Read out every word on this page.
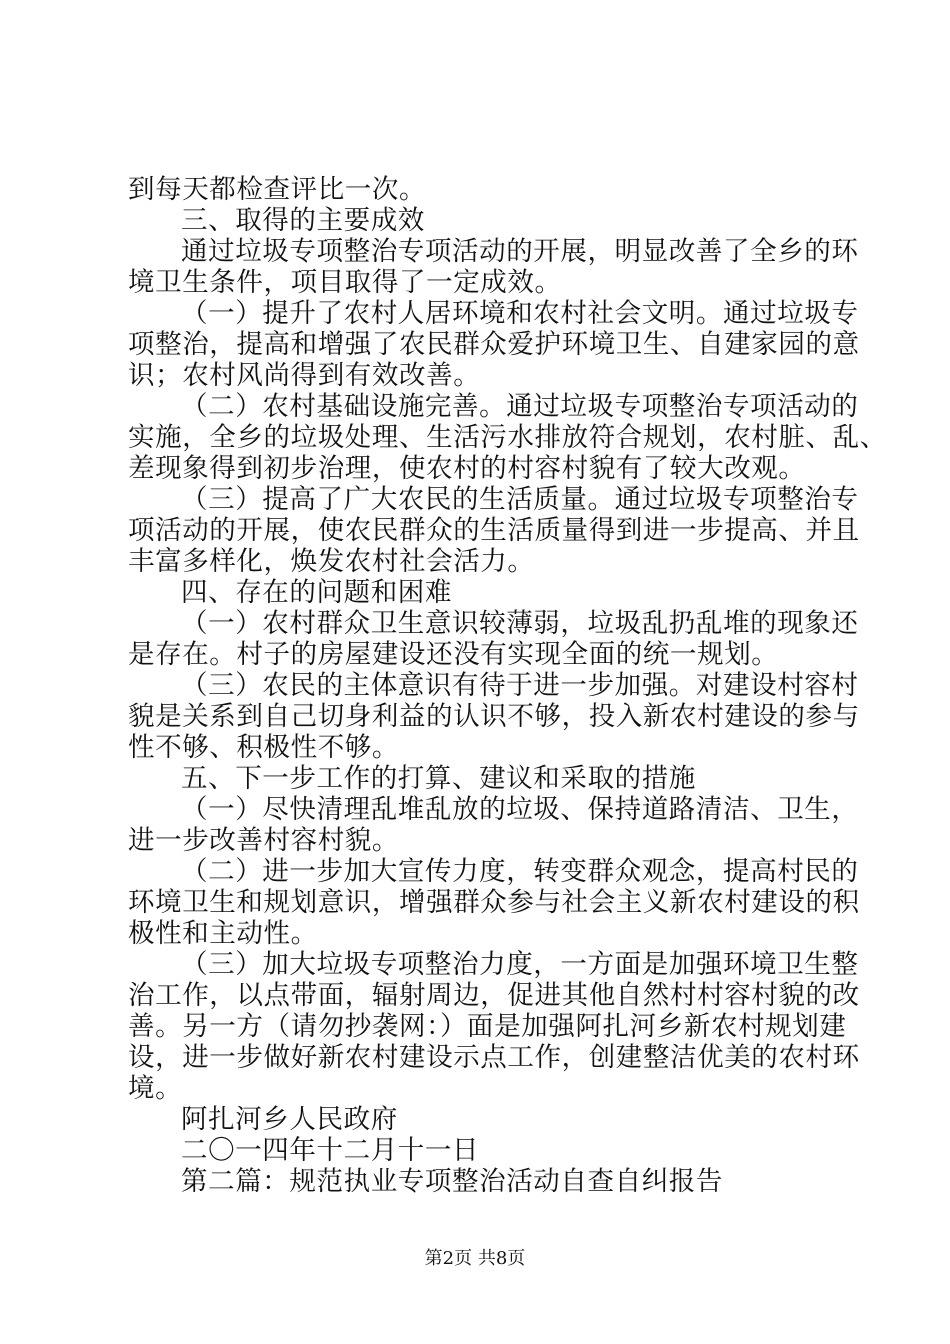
到每天都检查评比一次。
三、取得的主要成效
通过垃圾专项整治专项活动的开展，明显改善了全乡的环
境卫生条件，项目取得了一定成效。
（一）提升了农村人居环境和农村社会文明。通过垃圾专
项整治，提高和增强了农民群众爱护环境卫生、自建家园的意
识；农村风尚得到有效改善。
（二）农村基础设施完善。通过垃圾专项整治专项活动的
实施，全乡的垃圾处理、生活污水排放符合规划，农村脏、乱、
差现象得到初步治理，使农村的村容村貌有了较大改观。
（三）提高了广大农民的生活质量。通过垃圾专项整治专
项活动的开展，使农民群众的生活质量得到进一步提高、并且
丰富多样化，焕发农村社会活力。
四、存在的问题和困难
（一）农村群众卫生意识较薄弱，垃圾乱扔乱堆的现象还
是存在。村子的房屋建设还没有实现全面的统一规划。
（三）农民的主体意识有待于进一步加强。对建设村容村
貌是关系到自己切身利益的认识不够，投入新农村建设的参与
性不够、积极性不够。
五、下一步工作的打算、建议和采取的措施
（一）尽快清理乱堆乱放的垃圾、保持道路清洁、卫生，
进一步改善村容村貌。
（二）进一步加大宣传力度，转变群众观念，提高村民的
环境卫生和规划意识，增强群众参与社会主义新农村建设的积
极性和主动性。
（三）加大垃圾专项整治力度，一方面是加强环境卫生整
治工作，以点带面，辐射周边，促进其他自然村村容村貌的改
善。另一方（请勿抄袭网：）面是加强阿扎河乡新农村规划建
设，进一步做好新农村建设示点工作，创建整洁优美的农村环
境。
阿扎河乡人民政府
二〇一四年十二月十一日
第二篇：规范执业专项整治活动自查自纠报告
第2页 共8页
